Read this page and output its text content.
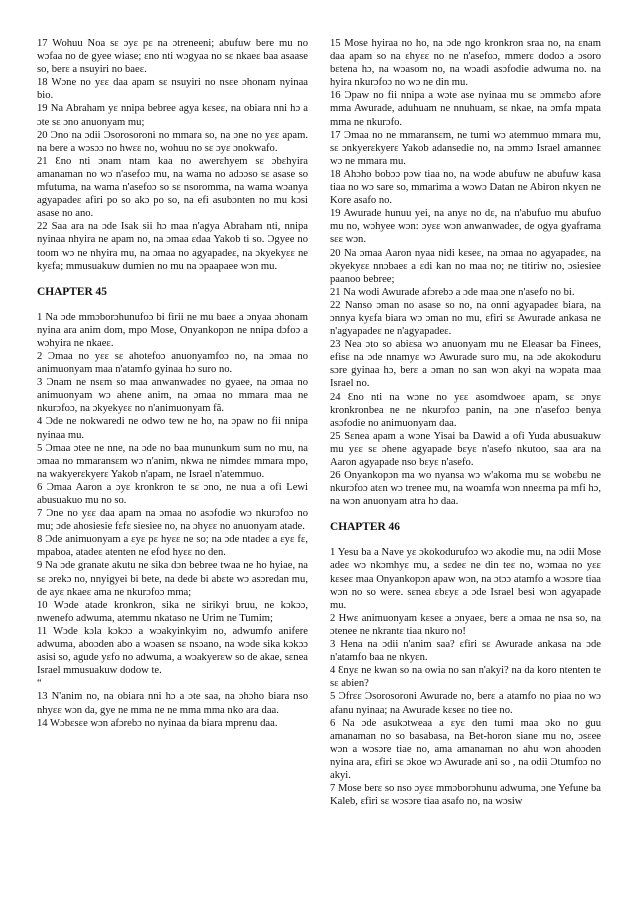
17 Wohuu Noa sɛ ɔyɛ pɛ na ɔtreneeni; abufuw bere mu no wɔfaa no de gyee wiase; ɛno nti wɔgyaa no sɛ nkaeɛ baa asaase so, berɛ a nsuyiri no baeɛ.

18 Wɔne no yɛɛ daa apam sɛ nsuyiri no nsɛe ɔhonam nyinaa bio.

19 Na Abraham yɛ nnipa bebree agya kɛseɛ, na obiara nni hɔ a ɔte sɛ ɔno anuonyam mu;

20 Ɔno na ɔdii Ɔsorosoroni no mmara so, na ɔne no yɛɛ apam. na bere a wɔsɔɔ no hwɛɛ no, wohuu no sɛ ɔyɛ ɔnokwafo.

21 Ɛno nti ɔnam ntam kaa no awerɛhyem sɛ ɔbɛhyira amanaman no wɔ n'asefoɔ mu, na wama no adɔɔso sɛ asase so mfutuma, na wama n'asefoɔ so sɛ nsoromma, na wama wɔanya agyapadeɛ afiri po so akɔ po so, na efi asubɔnten no mu kɔsi asase no ano.

22 Saa ara na ɔde Isak sii hɔ maa n'agya Abraham nti, nnipa nyinaa nhyira ne apam no, na ɔmaa ɛdaa Yakob ti so. Ɔgyee no toom wɔ ne nhyira mu, na ɔmaa no agyapadeɛ, na ɔkyekyɛɛ ne kyɛfa; mmusuakuw dumien no mu na ɔpaapaee wɔn mu.

CHAPTER 45

1 Na ɔde mmɔborɔhunufoɔ bi firii ne mu baeɛ a ɔnyaa ɔhonam nyina ara anim dom, mpo Mose, Onyankopɔn ne nnipa dɔfoɔ a wɔhyira ne nkaeɛ.

2 Ɔmaa no yɛɛ sɛ ahotefoɔ anuonyamfoɔ no, na ɔmaa no animuonyam maa n'atamfo gyinaa hɔ suro no.

3 Ɔnam ne nsɛm so maa anwanwadeɛ no gyaee, na ɔmaa no animuonyam wɔ ahene anim, na ɔmaa no mmara maa ne nkurɔfoɔ, na ɔkyekyɛɛ no n'animuonyam fã.

4 Ɔde ne nokwaredi ne odwo tew ne ho, na ɔpaw no fii nnipa nyinaa mu.

5 Ɔmaa ɔtee ne nne, na ɔde no baa mununkum sum no mu, na ɔmaa no mmaransɛm wɔ n'anim, nkwa ne nimdeɛ mmara mpo, na wakyerɛkyerɛ Yakob n'apam, ne Israel n'atemmuo.

6 Ɔmaa Aaron a ɔyɛ kronkron te sɛ ɔno, ne nua a ofi Lewi abusuakuo mu no so.

7 Ɔne no yɛɛ daa apam na ɔmaa no asɔfodie wɔ nkurɔfoɔ no mu; ɔde ahosiesie fɛfɛ siesiee no, na ɔhyɛɛ no anuonyam atade.

8 Ɔde animuonyam a ɛyɛ pɛ hyɛɛ ne so; na ɔde ntadeɛ a ɛyɛ fɛ, mpaboa, atadeɛ atenten ne efod hyɛɛ no den.

9 Na ɔde granate akutu ne sika dɔn bebree twaa ne ho hyiae, na sɛ ɔrekɔ no, nnyigyei bi bete, na dede bi abɛte wɔ asɔredan mu, de ayɛ nkaeɛ ama ne nkurɔfoɔ mma;

10 Wɔde atade kronkron, sika ne sirikyi bruu, ne kɔkɔɔ, nwenefo adwuma, atemmu nkataso ne Urim ne Tumim;

11 Wɔde kɔla kɔkɔɔ a wɔakyinkyim no, adwumfo anifere adwuma, aboɔden abo a wɔasen sɛ nsɔano, na wɔde sika kɔkɔɔ asisi so, agude yɛfo no adwuma, a wɔakyerɛw so de akae, sɛnea Israel mmusuakuw dodow te.

“

13 N'anim no, na obiara nni hɔ a ɔte saa, na ɔhɔho biara nso nhyɛɛ wɔn da, gye ne mma ne ne mma mma nko ara daa.

14 Wɔbɛsɛe wɔn afɔrebɔ no nyinaa da biara mprenu daa.

15 Mose hyiraa no ho, na ɔde ngo kronkron sraa no, na ɛnam daa apam so na ɛhyɛɛ no ne n'asefoɔ, mmerɛ dodoɔ a ɔsoro bɛtena hɔ, na wɔasom no, na wɔadi asɔfodie adwuma no. na hyira nkurɔfoɔ no wɔ ne din mu.

16 Ɔpaw no fii nnipa a wɔte ase nyinaa mu sɛ ɔmmɛbɔ afɔre mma Awurade, aduhuam ne nnuhuam, sɛ nkae, na ɔmfa mpata mma ne nkurɔfo.

17 Ɔmaa no ne mmaransɛm, ne tumi wɔ atemmuo mmara mu, sɛ ɔnkyerɛkyerɛ Yakob adansedie no, na ɔmmɔ Israel amanneɛ wɔ ne mmara mu.

18 Ahɔho bobɔɔ pɔw tiaa no, na wɔde abufuw ne abufuw kasa tiaa no wɔ sare so, mmarima a wɔwɔ Datan ne Abiron nkyɛn ne Kore asafo no.

19 Awurade hunuu yei, na anyɛ no dɛ, na n'abufuo mu abufuo mu no, wɔhyee wɔn: ɔyɛɛ wɔn anwanwadeɛ, de ogya gyaframa sɛɛ wɔn.

20 Na ɔmaa Aaron nyaa nidi kɛseɛ, na ɔmaa no agyapadeɛ, na ɔkyekyɛɛ nnɔbaeɛ a ɛdi kan no maa no; ne titiriw no, ɔsiesiee paanoo bebree;

21 Na wodi Awurade afɔrebɔ a ɔde maa ɔne n'asefo no bi.

22 Nanso ɔman no asase so no, na onni agyapadeɛ biara, na ɔnnya kyɛfa biara wɔ ɔman no mu, ɛfiri sɛ Awurade ankasa ne n'agyapadeɛ ne n'agyapadeɛ.

23 Nea ɔto so abiɛsa wɔ anuonyam mu ne Eleasar ba Finees, efisɛ na ɔde nnamyɛ wɔ Awurade suro mu, na ɔde akokoduru sɔre gyinaa hɔ, berɛ a ɔman no san wɔn akyi na wɔpata maa Israel no.

24 Ɛno nti na wɔne no yɛɛ asomdwoeɛ apam, sɛ ɔnyɛ kronkronbea ne ne nkurɔfoɔ panin, na ɔne n'asefoɔ benya asɔfodie no animuonyam daa.

25 Sɛnea apam a wɔne Yisai ba Dawid a ofi Yuda abusuakuw mu yɛɛ sɛ ɔhene agyapade bɛyɛ n'asefo nkutoo, saa ara na Aaron agyapade nso bɛyɛ n'asefo.

26 Onyankopɔn ma wo nyansa wɔ w'akoma mu sɛ wobɛbu ne nkurɔfoɔ atɛn wɔ trenee mu, na woamfa wɔn nneɛma pa mfi hɔ, na wɔn anuonyam atra hɔ daa.

CHAPTER 46

1 Yesu ba a Nave yɛ ɔkokodurufoɔ wɔ akodie mu, na ɔdii Mose adeɛ wɔ nkɔmhyɛ mu, a sɛdeɛ ne din teɛ no, wɔmaa no yɛɛ kɛseɛ maa Onyankopɔn apaw wɔn, na ɔtɔɔ atamfo a wɔsɔre tiaa wɔn no so were. sɛnea ɛbɛyɛ a ɔde Israel besi wɔn agyapade mu.

2 Hwɛ animuonyam kɛseɛ a ɔnyaeɛ, berɛ a ɔmaa ne nsa so, na ɔtenee ne nkrantɛ tiaa nkuro no!

3 Hena na ɔdii n'anim saa? ɛfiri sɛ Awurade ankasa na ɔde n'atamfo baa ne nkyɛn.

4 Ɛnyɛ ne kwan so na owia no san n'akyi? na da koro ntenten te sɛ abien?

5 Ɔfrɛɛ Ɔsorosoroni Awurade no, berɛ a atamfo no piaa no wɔ afanu nyinaa; na Awurade kɛseɛ no tiee no.

6 Na ɔde asukɔtweaa a ɛyɛ den tumi maa ɔko no guu amanaman no so basabasa, na Bet-horon siane mu no, ɔsɛee wɔn a wɔsɔre tiae no, ama amanaman no ahu wɔn ahoɔden nyina ara, ɛfiri sɛ ɔkoe wɔ Awurade ani so , na odii Ɔtumfoɔ no akyi.

7 Mose berɛ so nso ɔyɛɛ mmɔborɔhunu adwuma, ɔne Yefune ba Kaleb, ɛfiri sɛ wɔsɔre tiaa asafo no, na wɔsiw
